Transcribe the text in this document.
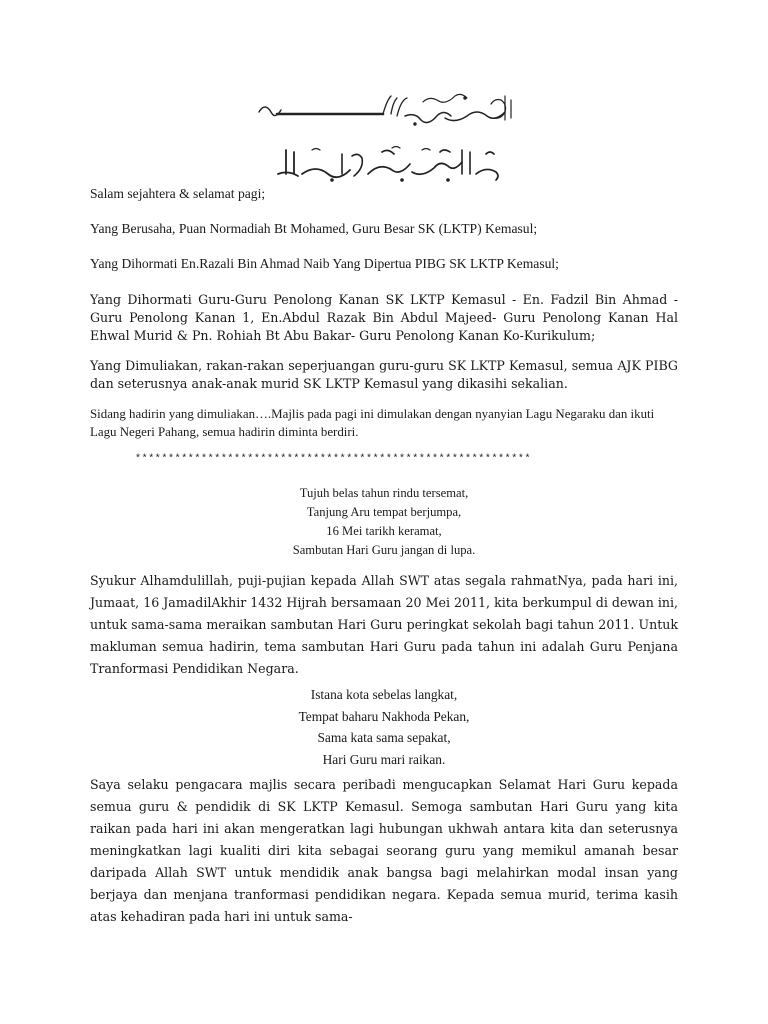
Salam sejahtera & selamat pagi;

Yang Berusaha, Puan Normadiah Bt Mohamed, Guru Besar SK (LKTP) Kemasul;

Yang Dihormati En.Razali Bin Ahmad Naib Yang Dipertua PIBG SK LKTP Kemasul;

Yang Dihormati Guru-Guru Penolong Kanan SK LKTP Kemasul - En. Fadzil Bin Ahmad - Guru Penolong Kanan 1, En.Abdul Razak Bin Abdul Majeed- Guru Penolong Kanan Hal Ehwal Murid & Pn. Rohiah Bt Abu Bakar- Guru Penolong Kanan Ko-Kurikulum;

Yang Dimuliakan, rakan-rakan seperjuangan guru-guru SK LKTP Kemasul, semua AJK PIBG dan seterusnya anak-anak murid SK LKTP Kemasul yang dikasihi sekalian.

Sidang hadirin yang dimuliakan….Majlis pada pagi ini dimulakan dengan nyanyian Lagu Negaraku dan ikuti Lagu Negeri Pahang, semua hadirin diminta berdiri.

************************************************************

Tujuh belas tahun rindu tersemat,
Tanjung Aru tempat berjumpa,
16 Mei tarikh keramat,
Sambutan Hari Guru jangan di lupa.

Syukur Alhamdulillah, puji-pujian kepada Allah SWT atas segala rahmatNya, pada hari ini, Jumaat, 16 JamadilAkhir 1432 Hijrah bersamaan 20 Mei 2011, kita berkumpul di dewan ini, untuk sama-sama meraikan sambutan Hari Guru peringkat sekolah bagi tahun 2011. Untuk makluman semua hadirin, tema sambutan Hari Guru pada tahun ini adalah Guru Penjana Tranformasi Pendidikan Negara.

Istana kota sebelas langkat,
Tempat baharu Nakhoda Pekan,
Sama kata sama sepakat,
Hari Guru mari raikan.

Saya selaku pengacara majlis secara peribadi mengucapkan Selamat Hari Guru kepada semua guru & pendidik di SK LKTP Kemasul. Semoga sambutan Hari Guru yang kita raikan pada hari ini akan mengeratkan lagi hubungan ukhwah antara kita dan seterusnya meningkatkan lagi kualiti diri kita sebagai seorang guru yang memikul amanah besar daripada Allah SWT untuk mendidik anak bangsa bagi melahirkan modal insan yang berjaya dan menjana tranformasi pendidikan negara. Kepada semua murid, terima kasih atas kehadiran pada hari ini untuk sama-
